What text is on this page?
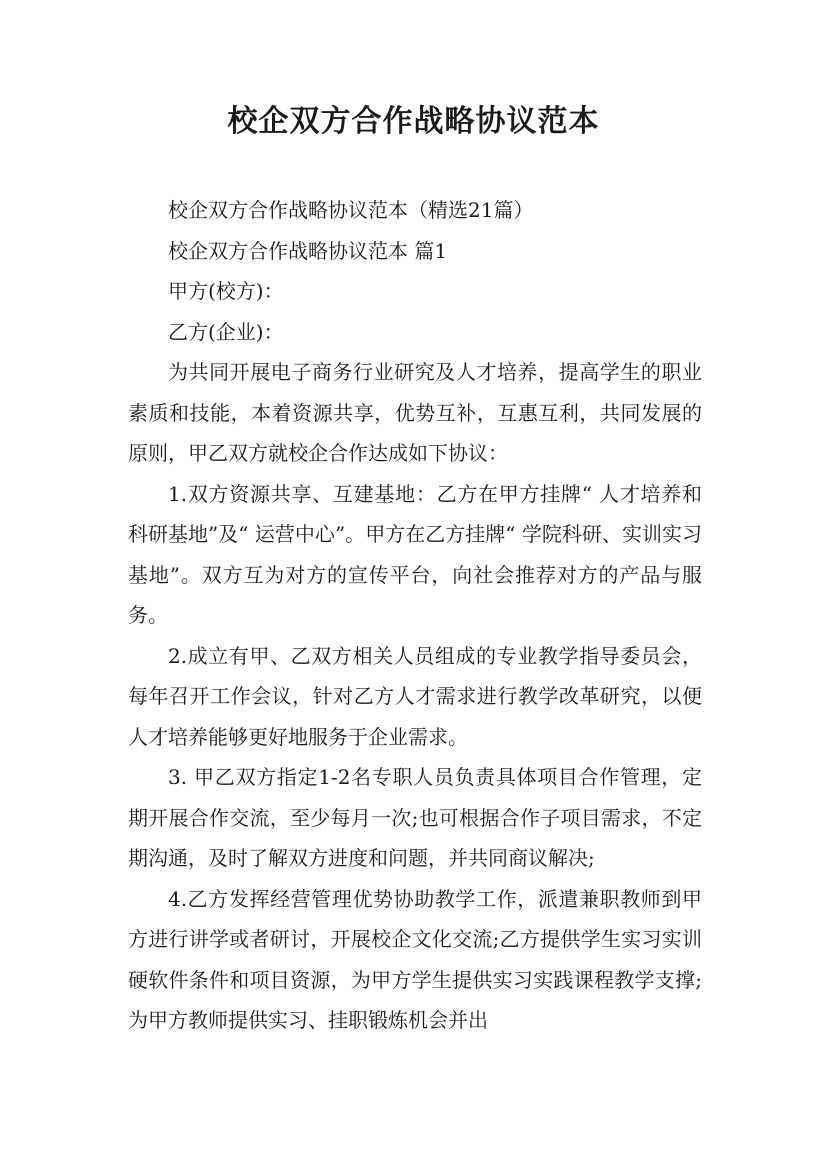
校企双方合作战略协议范本

校企双方合作战略协议范本（精选21篇）

校企双方合作战略协议范本 篇1

甲方(校方)：

乙方(企业)：

为共同开展电子商务行业研究及人才培养，提高学生的职业素质和技能，本着资源共享，优势互补，互惠互利，共同发展的原则，甲乙双方就校企合作达成如下协议：

1.双方资源共享、互建基地：乙方在甲方挂牌“ 人才培养和科研基地”及“ 运营中心”。甲方在乙方挂牌“ 学院科研、实训实习基地”。双方互为对方的宣传平台，向社会推荐对方的产品与服务。

2.成立有甲、乙双方相关人员组成的专业教学指导委员会，每年召开工作会议，针对乙方人才需求进行教学改革研究，以便人才培养能够更好地服务于企业需求。

3. 甲乙双方指定1-2名专职人员负责具体项目合作管理，定期开展合作交流，至少每月一次;也可根据合作子项目需求，不定期沟通，及时了解双方进度和问题，并共同商议解决;

4.乙方发挥经营管理优势协助教学工作，派遣兼职教师到甲方进行讲学或者研讨，开展校企文化交流;乙方提供学生实习实训硬软件条件和项目资源，为甲方学生提供实习实践课程教学支撑;为甲方教师提供实习、挂职锻炼机会并出
